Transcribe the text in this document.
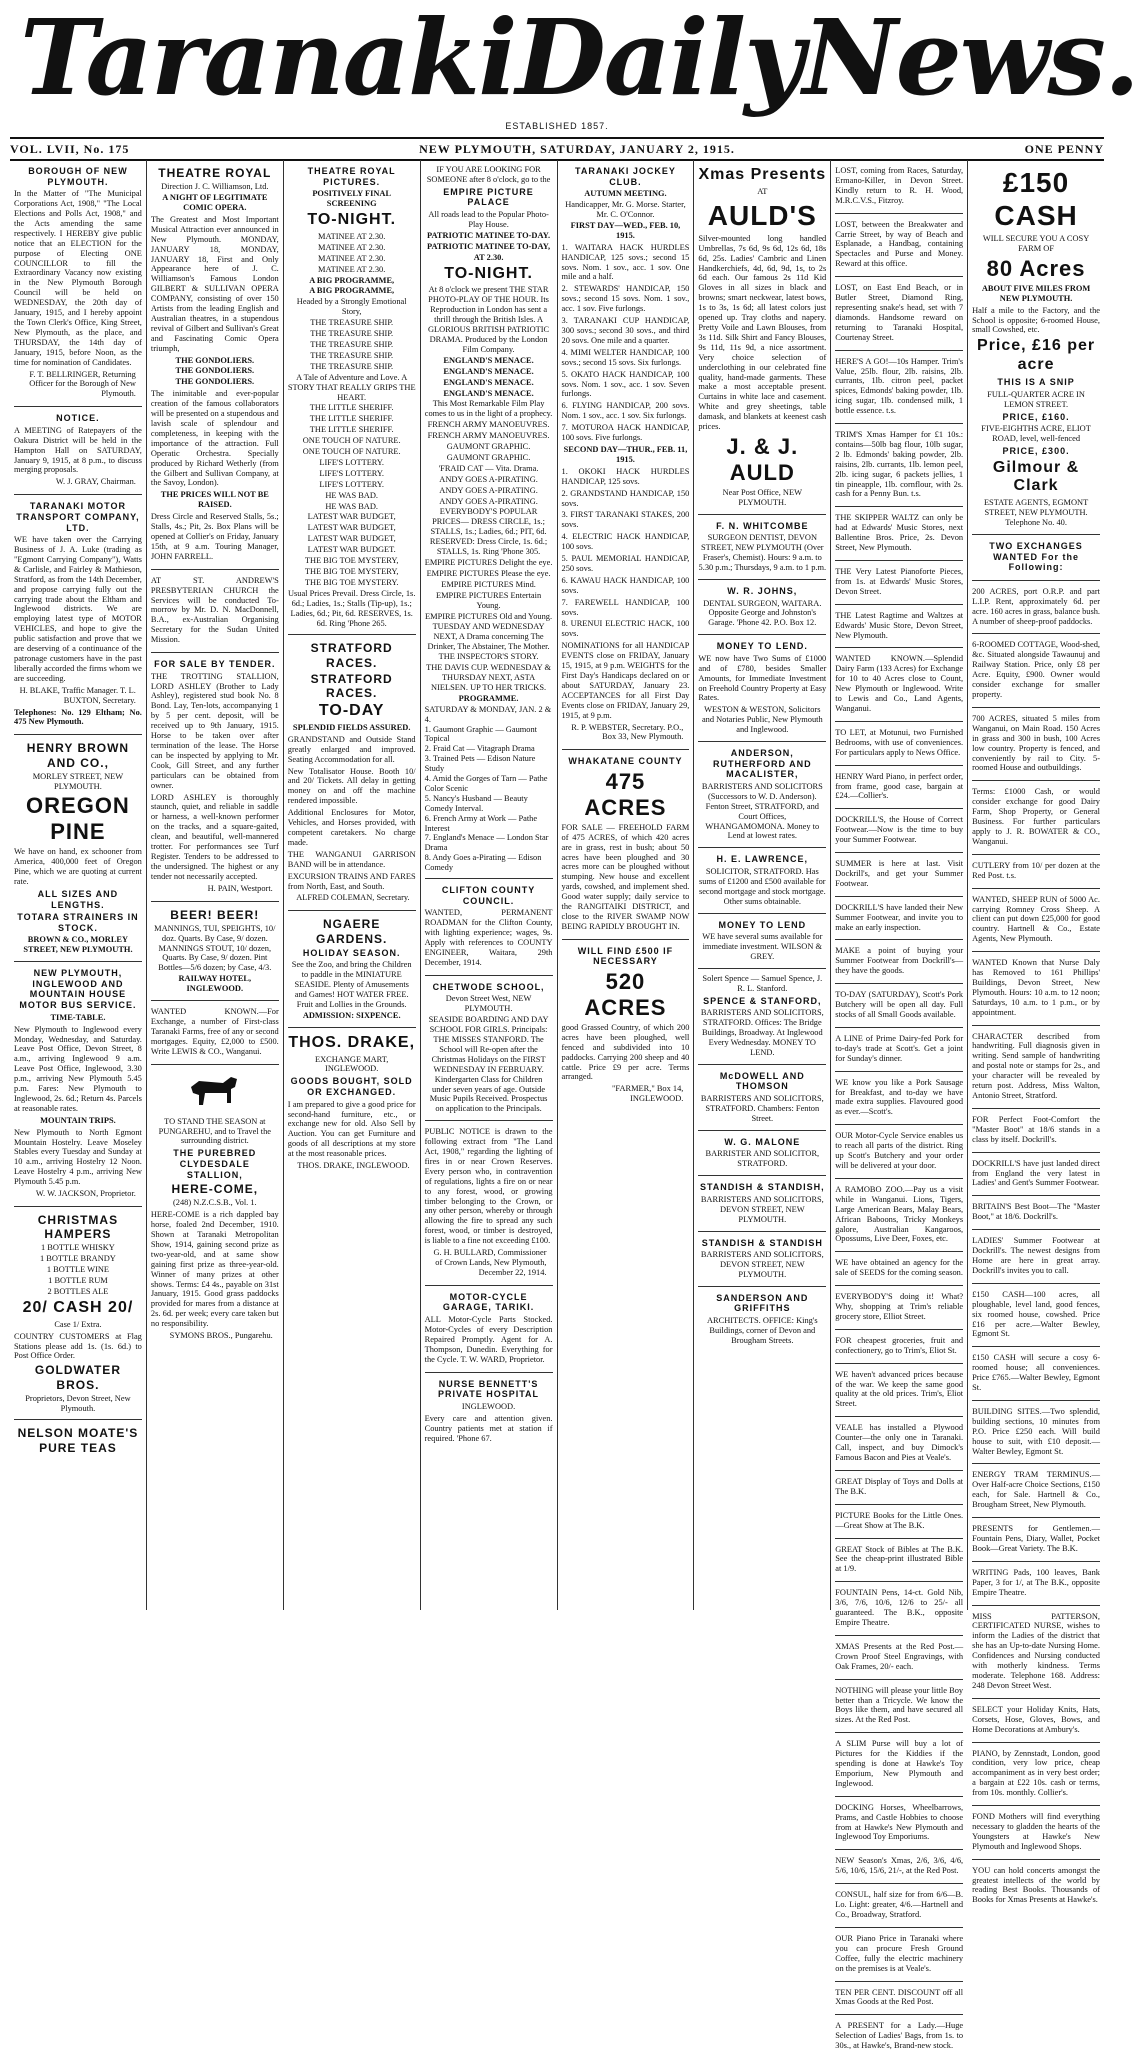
Taranaki Daily News.
ESTABLISHED 1857.
VOL. LVII, No. 175	NEW PLYMOUTH, SATURDAY, JANUARY 2, 1915.	ONE PENNY
BOROUGH OF NEW PLYMOUTH.

In the Matter of "The Municipal Corporations Act, 1908," "The Local Elections and Polls Act, 1908," and the Acts amending the same respectively. I HEREBY give public notice that an ELECTION for the purpose of Electing ONE COUNCILLOR to fill the Extraordinary Vacancy now existing in the New Plymouth Borough Council will be held on WEDNESDAY, the 20th day of January, 1915, and I hereby appoint the Town Clerk's Office, King Street, New Plymouth, as the place, and THURSDAY, the 14th day of January, 1915, before Noon, as the time for nomination of Candidates.

F. T. BELLRINGER, Returning Officer for the Borough of New Plymouth.

NOTICE.

A MEETING of Ratepayers of the Oakura District will be held in the Hampton Hall on SATURDAY, January 9, 1915, at 8 p.m., to discuss merging proposals.

W. J. GRAY, Chairman.

TARANAKI MOTOR TRANSPORT COMPANY, LTD.

WE have taken over the Carrying Business of J. A. Luke (trading as "Egmont Carrying Company"), Watts & Carlisle, and Fairley & Mathieson, Stratford, as from the 14th December, and propose carrying fully out the carrying trade about the Eltham and Inglewood districts. We are employing latest type of MOTOR VEHICLES, and hope to give the public satisfaction and prove that we are deserving of a continuance of the patronage customers have in the past liberally accorded the firms whom we are succeeding.

H. BLAKE, Traffic Manager. T. L. BUXTON, Secretary.

Telephones: No. 129 Eltham; No. 475 New Plymouth.

HENRY BROWN AND CO.,
MORLEY STREET, NEW PLYMOUTH.
OREGON PINE

We have on hand, ex schooner from America, 400,000 feet of Oregon Pine, which we are quoting at current rate.

ALL SIZES AND LENGTHS.
TOTARA STRAINERS IN STOCK.
BROWN & CO., MORLEY STREET, NEW PLYMOUTH.
NEW PLYMOUTH, INGLEWOOD AND MOUNTAIN HOUSE MOTOR BUS SERVICE.
TIME-TABLE.

New Plymouth to Inglewood every Monday, Wednesday, and Saturday. Leave Post Office, Devon Street, 8 a.m., arriving Inglewood 9 a.m. Leave Post Office, Inglewood, 3.30 p.m., arriving New Plymouth 5.45 p.m. Fares: New Plymouth to Inglewood, 2s. 6d.; Return 4s. Parcels at reasonable rates.

MOUNTAIN TRIPS.

New Plymouth to North Egmont Mountain Hostelry. Leave Moseley Stables every Tuesday and Sunday at 10 a.m., arriving Hostelry 12 Noon. Leave Hostelry 4 p.m., arriving New Plymouth 5.45 p.m.

W. W. JACKSON, Proprietor.

CHRISTMAS HAMPERS
1 BOTTLE WHISKY
1 BOTTLE BRANDY
1 BOTTLE WINE
1 BOTTLE RUM
2 BOTTLES ALE
20/ CASH 20/
Case 1/ Extra.

COUNTRY CUSTOMERS at Flag Stations please add 1s. (1s. 6d.) to Post Office Order.

GOLDWATER BROS.
Proprietors, Devon Street, New Plymouth.
NELSON MOATE'S PURE TEAS
THEATRE ROYAL
Direction J. C. Williamson, Ltd.
A NIGHT OF LEGITIMATE COMIC OPERA.

The Greatest and Most Important Musical Attraction ever announced in New Plymouth. MONDAY, JANUARY 18, MONDAY, JANUARY 18, First and Only Appearance here of J. C. Williamson's Famous London GILBERT & SULLIVAN OPERA COMPANY, consisting of over 150 Artists from the leading English and Australian theatres, in a stupendous revival of Gilbert and Sullivan's Great and Fascinating Comic Opera triumph,

THE GONDOLIERS.
THE GONDOLIERS.
THE GONDOLIERS.

The inimitable and ever-popular creation of the famous collaborators will be presented on a stupendous and lavish scale of splendour and completeness, in keeping with the importance of the attraction. Full Operatic Orchestra. Specially produced by Richard Wetherly (from the Gilbert and Sullivan Company, at the Savoy, London).

THE PRICES WILL NOT BE RAISED.

Dress Circle and Reserved Stalls, 5s.; Stalls, 4s.; Pit, 2s. Box Plans will be opened at Collier's on Friday, January 15th, at 9 a.m. Touring Manager, JOHN FARRELL.

AT ST. ANDREW'S PRESBYTERIAN CHURCH the Services will be conducted To-morrow by Mr. D. N. MacDonnell, B.A., ex-Australian Organising Secretary for the Sudan United Mission.

FOR SALE BY TENDER.

THE TROTTING STALLION, LORD ASHLEY (Brother to Lady Ashley), registered stud book No. 8 Bond. Lay, Ten-lots, accompanying 1 by 5 per cent. deposit, will be received up to 9th January, 1915. Horse to be taken over after termination of the lease. The Horse can be inspected by applying to Mr. Cook, Gill Street, and any further particulars can be obtained from owner.

LORD ASHLEY is thoroughly staunch, quiet, and reliable in saddle or harness, a well-known performer on the tracks, and a square-gaited, clean, and beautiful, well-mannered trotter. For performances see Turf Register. Tenders to be addressed to the undersigned. The highest or any tender not necessarily accepted.

H. PAIN, Westport.

BEER! BEER!

MANNINGS, TUI, SPEIGHTS, 10/ doz. Quarts. By Case, 9/ dozen. MANNINGS STOUT, 10/ dozen, Quarts. By Case, 9/ dozen. Pint Bottles—5/6 dozen; by Case, 4/3.

RAILWAY HOTEL, INGLEWOOD.

WANTED KNOWN.—For Exchange, a number of First-class Taranaki Farms, free of any or second mortgages. Equity, £2,000 to £500. Write LEWIS & CO., Wanganui.

TO STAND THE SEASON at PUNGAREHU, and to Travel the surrounding district.

THE PUREBRED CLYDESDALE STALLION,
HERE-COME,
(248) N.Z.C.S.B., Vol. 1.

HERE-COME is a rich dappled bay horse, foaled 2nd December, 1910. Shown at Taranaki Metropolitan Show, 1914, gaining second prize as two-year-old, and at same show gaining first prize as three-year-old. Winner of many prizes at other shows. Terms: £4 4s., payable on 31st January, 1915. Good grass paddocks provided for mares from a distance at 2s. 6d. per week; every care taken but no responsibility.

SYMONS BROS., Pungarehu.

THEATRE ROYAL PICTURES.
POSITIVELY FINAL SCREENING
TO-NIGHT.
MATINEE AT 2.30.
MATINEE AT 2.30.
MATINEE AT 2.30.
MATINEE AT 2.30.
A BIG PROGRAMME,
A BIG PROGRAMME,
Headed by a Strongly Emotional Story,
THE TREASURE SHIP.
THE TREASURE SHIP.
THE TREASURE SHIP.
THE TREASURE SHIP.
THE TREASURE SHIP.

A Tale of Adventure and Love. A STORY THAT REALLY GRIPS THE HEART.

THE LITTLE SHERIFF.
THE LITTLE SHERIFF.
THE LITTLE SHERIFF.
ONE TOUCH OF NATURE.
ONE TOUCH OF NATURE.
LIFE'S LOTTERY.
LIFE'S LOTTERY.
LIFE'S LOTTERY.
HE WAS BAD.
HE WAS BAD.
LATEST WAR BUDGET,
LATEST WAR BUDGET,
LATEST WAR BUDGET,
LATEST WAR BUDGET.
THE BIG TOE MYSTERY,
THE BIG TOE MYSTERY,
THE BIG TOE MYSTERY.

Usual Prices Prevail. Dress Circle, 1s. 6d.; Ladies, 1s.; Stalls (Tip-up), 1s.; Ladies, 6d.; Pit, 6d. RESERVES, 1s. 6d. Ring 'Phone 265.

STRATFORD RACES.
STRATFORD RACES.
TO-DAY
SPLENDID FIELDS ASSURED.

GRANDSTAND and Outside Stand greatly enlarged and improved. Seating Accommodation for all.

New Totalisator House. Booth 10/ and 20/ Tickets. All delay in getting money on and off the machine rendered impossible.

Additional Enclosures for Motor, Vehicles, and Horses provided, with competent caretakers. No charge made.

THE WANGANUI GARRISON BAND will be in attendance.

EXCURSION TRAINS AND FARES from North, East, and South.

ALFRED COLEMAN, Secretary.

NGAERE GARDENS.
HOLIDAY SEASON.

See the Zoo, and bring the Children to paddle in the MINIATURE SEASIDE. Plenty of Amusements and Games! HOT WATER FREE. Fruit and Lollies in the Grounds.

ADMISSION: SIXPENCE.
THOS. DRAKE,
EXCHANGE MART, INGLEWOOD.
GOODS BOUGHT, SOLD OR EXCHANGED.

I am prepared to give a good price for second-hand furniture, etc., or exchange new for old. Also Sell by Auction. You can get Furniture and goods of all descriptions at my store at the most reasonable prices.

THOS. DRAKE, INGLEWOOD.

IF YOU ARE LOOKING FOR SOMEONE after 8 o'clock, go to the
EMPIRE PICTURE PALACE
All roads lead to the Popular Photo-Play House.
PATRIOTIC MATINEE TO-DAY.
PATRIOTIC MATINEE TO-DAY,
AT 2.30.
TO-NIGHT.

At 8 o'clock we present THE STAR PHOTO-PLAY OF THE HOUR. Its Reproduction in London has sent a thrill through the British Isles. A GLORIOUS BRITISH PATRIOTIC DRAMA. Produced by the London Film Company.

ENGLAND'S MENACE.
ENGLAND'S MENACE.
ENGLAND'S MENACE.
ENGLAND'S MENACE.

This Most Remarkable Film Play comes to us in the light of a prophecy.

FRENCH ARMY MANOEUVRES.
FRENCH ARMY MANOEUVRES.
GAUMONT GRAPHIC.
GAUMONT GRAPHIC.
'FRAID CAT — Vita. Drama.
ANDY GOES A-PIRATING.
ANDY GOES A-PIRATING.
ANDY GOES A-PIRATING.

EVERYBODY'S POPULAR PRICES— DRESS CIRCLE, 1s.; STALLS, 1s.; Ladies, 6d.; PIT, 6d. RESERVED: Dress Circle, 1s. 6d.; STALLS, 1s. Ring 'Phone 305.

EMPIRE PICTURES Delight the eye.
EMPIRE PICTURES Please the eye.
EMPIRE PICTURES Mind.
EMPIRE PICTURES Entertain Young.
EMPIRE PICTURES Old and Young.

TUESDAY AND WEDNESDAY NEXT, A Drama concerning The Drinker, The Abstainer, The Mother. THE INSPECTOR'S STORY.

THE DAVIS CUP. WEDNESDAY & THURSDAY NEXT, ASTA NIELSEN. UP TO HER TRICKS.

PROGRAMME.
SATURDAY & MONDAY, JAN. 2 & 4.
1. Gaumont Graphic — Gaumont Topical
2. Fraid Cat — Vitagraph Drama
3. Trained Pets — Edison Nature Study
4. Amid the Gorges of Tarn — Pathe Color Scenic
5. Nancy's Husband — Beauty Comedy Interval.
6. French Army at Work — Pathe Interest
7. England's Menace — London Star Drama
8. Andy Goes a-Pirating — Edison Comedy
CLIFTON COUNTY COUNCIL.

WANTED, PERMANENT ROADMAN for the Clifton County, with lighting experience; wages, 9s. Apply with references to COUNTY ENGINEER, Waitara, 29th December, 1914.

CHETWODE SCHOOL,
Devon Street West, NEW PLYMOUTH.

SEASIDE BOARDING AND DAY SCHOOL FOR GIRLS. Principals: THE MISSES STANFORD. The School will Re-open after the Christmas Holidays on the FIRST WEDNESDAY IN FEBRUARY. Kindergarten Class for Children under seven years of age. Outside Music Pupils Received. Prospectus on application to the Principals.

PUBLIC NOTICE is drawn to the following extract from "The Land Act, 1908," regarding the lighting of fires in or near Crown Reserves. Every person who, in contravention of regulations, lights a fire on or near to any forest, wood, or growing timber belonging to the Crown, or any other person, whereby or through allowing the fire to spread any such forest, wood, or timber is destroyed, is liable to a fine not exceeding £100.

G. H. BULLARD, Commissioner of Crown Lands, New Plymouth, December 22, 1914.

MOTOR-CYCLE GARAGE, TARIKI.

ALL Motor-Cycle Parts Stocked. Motor-Cycles of every Description Repaired Promptly. Agent for A. Thompson, Dunedin. Everything for the Cycle. T. W. WARD, Proprietor.

NURSE BENNETT'S PRIVATE HOSPITAL
INGLEWOOD.

Every care and attention given. Country patients met at station if required. 'Phone 67.

TARANAKI JOCKEY CLUB.
AUTUMN MEETING.
Handicapper, Mr. G. Morse. Starter, Mr. C. O'Connor.
FIRST DAY—WED., FEB. 10, 1915.

1. WAITARA HACK HURDLES HANDICAP, 125 sovs.; second 15 sovs. Nom. 1 sov., acc. 1 sov. One mile and a half.

2. STEWARDS' HANDICAP, 150 sovs.; second 15 sovs. Nom. 1 sov., acc. 1 sov. Five furlongs.

3. TARANAKI CUP HANDICAP, 300 sovs.; second 30 sovs., and third 20 sovs. One mile and a quarter.

4. MIMI WELTER HANDICAP, 100 sovs.; second 15 sovs. Six furlongs.

5. OKATO HACK HANDICAP, 100 sovs. Nom. 1 sov., acc. 1 sov. Seven furlongs.

6. FLYING HANDICAP, 200 sovs. Nom. 1 sov., acc. 1 sov. Six furlongs.

7. MOTUROA HACK HANDICAP, 100 sovs. Five furlongs.

SECOND DAY—THUR., FEB. 11, 1915.

1. OKOKI HACK HURDLES HANDICAP, 125 sovs.

2. GRANDSTAND HANDICAP, 150 sovs.

3. FIRST TARANAKI STAKES, 200 sovs.

4. ELECTRIC HACK HANDICAP, 100 sovs.

5. PAUL MEMORIAL HANDICAP, 250 sovs.

6. KAWAU HACK HANDICAP, 100 sovs.

7. FAREWELL HANDICAP, 100 sovs.

8. URENUI ELECTRIC HACK, 100 sovs.

NOMINATIONS for all HANDICAP EVENTS close on FRIDAY, January 15, 1915, at 9 p.m. WEIGHTS for the First Day's Handicaps declared on or about SATURDAY, January 23. ACCEPTANCES for all First Day Events close on FRIDAY, January 29, 1915, at 9 p.m.

R. P. WEBSTER, Secretary. P.O., Box 33, New Plymouth.

WHAKATANE COUNTY
475 ACRES

FOR SALE — FREEHOLD FARM of 475 ACRES, of which 420 acres are in grass, rest in bush; about 50 acres have been ploughed and 30 acres more can be ploughed without stumping. New house and excellent yards, cowshed, and implement shed. Good water supply; daily service to the RANGITAIKI DISTRICT, and close to the RIVER SWAMP NOW BEING RAPIDLY BROUGHT IN.

WILL FIND £500 IF NECESSARY
520 ACRES

good Grassed Country, of which 200 acres have been ploughed, well fenced and subdivided into 10 paddocks. Carrying 200 sheep and 40 cattle. Price £9 per acre. Terms arranged.

"FARMER," Box 14, INGLEWOOD.

Xmas Presents
AT
AULD'S

Silver-mounted long handled Umbrellas, 7s 6d, 9s 6d, 12s 6d, 18s 6d, 25s. Ladies' Cambric and Linen Handkerchiefs, 4d, 6d, 9d, 1s, to 2s 6d each. Our famous 2s 11d Kid Gloves in all sizes in black and browns; smart neckwear, latest bows, 1s to 3s, 1s 6d; all latest colors just opened up. Tray cloths and napery. Pretty Voile and Lawn Blouses, from 3s 11d. Silk Shirt and Fancy Blouses, 9s 11d, 11s 9d, a nice assortment. Very choice selection of underclothing in our celebrated fine quality, hand-made garments. These make a most acceptable present. Curtains in white lace and casement. White and grey sheetings, table damask, and blankets at keenest cash prices.

J. & J. AULD
Near Post Office, NEW PLYMOUTH.
F. N. WHITCOMBE

SURGEON DENTIST, DEVON STREET, NEW PLYMOUTH (Over Fraser's, Chemist). Hours: 9 a.m. to 5.30 p.m.; Thursdays, 9 a.m. to 1 p.m.

W. R. JOHNS,

DENTAL SURGEON, WAITARA. Opposite George and Johnston's Garage. 'Phone 42. P.O. Box 12.

MONEY TO LEND.

WE now have Two Sums of £1000 and of £780, besides Smaller Amounts, for Immediate Investment on Freehold Country Property at Easy Rates.

WESTON & WESTON, Solicitors and Notaries Public, New Plymouth and Inglewood.

ANDERSON, RUTHERFORD AND MACALISTER,

BARRISTERS AND SOLICITORS (Successors to W. D. Anderson). Fenton Street, STRATFORD, and Court Offices, WHANGAMOMONA. Money to Lend at lowest rates.

H. E. LAWRENCE,

SOLICITOR, STRATFORD. Has sums of £1200 and £500 available for second mortgage and stock mortgage. Other sums obtainable.

MONEY TO LEND

WE have several sums available for immediate investment. WILSON & GREY.

Solert Spence — Samuel Spence, J. R. L. Stanford.
SPENCE & STANFORD,

BARRISTERS AND SOLICITORS, STRATFORD. Offices: The Bridge Buildings, Broadway. At Inglewood Every Wednesday. MONEY TO LEND.

McDOWELL AND THOMSON

BARRISTERS AND SOLICITORS, STRATFORD. Chambers: Fenton Street.

W. G. MALONE

BARRISTER AND SOLICITOR, STRATFORD.

STANDISH & STANDISH,

BARRISTERS AND SOLICITORS, DEVON STREET, NEW PLYMOUTH.

STANDISH & STANDISH

BARRISTERS AND SOLICITORS, DEVON STREET, NEW PLYMOUTH.

SANDERSON AND GRIFFITHS

ARCHITECTS. OFFICE: King's Buildings, corner of Devon and Brougham Streets.

LOST, coming from Races, Saturday, Ermano-Killer, in Devon Street. Kindly return to R. H. Wood, M.R.C.V.S., Fitzroy.

LOST, between the Breakwater and Carrie Street, by way of Beach and Esplanade, a Handbag, containing Spectacles and Purse and Money. Reward at this office.

LOST, on East End Beach, or in Butler Street, Diamond Ring, representing snake's head, set with 7 diamonds. Handsome reward on returning to Taranaki Hospital, Courtenay Street.

HERE'S A GO!—10s Hamper. Trim's Value, 25lb. flour, 2lb. raisins, 2lb. currants, 1lb. citron peel, packet spices, Edmonds' baking powder, 1lb. icing sugar, 1lb. condensed milk, 1 bottle essence. t.s.

TRIM'S Xmas Hamper for £1 10s.: contains—50lb bag flour, 10lb sugar, 2 lb. Edmonds' baking powder, 2lb. raisins, 2lb. currants, 1lb. lemon peel, 2lb. icing sugar, 6 packets jellies, 1 tin pineapple, 1lb. cornflour, with 2s. cash for a Penny Bun. t.s.

THE SKIPPER WALTZ can only be had at Edwards' Music Stores, next Ballentine Bros. Price, 2s. Devon Street, New Plymouth.

THE Very Latest Pianoforte Pieces, from 1s. at Edwards' Music Stores, Devon Street.

THE Latest Ragtime and Waltzes at Edwards' Music Store, Devon Street, New Plymouth.

WANTED KNOWN.—Splendid Dairy Farm (133 Acres) for Exchange for 10 to 40 Acres close to Count, New Plymouth or Inglewood. Write to Lewis and Co., Land Agents, Wanganui.

TO LET, at Motunui, two Furnished Bedrooms, with use of conveniences. For particulars apply to News Office.

HENRY Ward Piano, in perfect order, from frame, good case, bargain at £24.—Collier's.

DOCKRILL'S, the House of Correct Footwear.—Now is the time to buy your Summer Footwear.

SUMMER is here at last. Visit Dockrill's, and get your Summer Footwear.

DOCKRILL'S have landed their New Summer Footwear, and invite you to make an early inspection.

MAKE a point of buying your Summer Footwear from Dockrill's—they have the goods.

TO-DAY (SATURDAY), Scott's Pork Butchery will be open all day. Full stocks of all Small Goods available.

A LINE of Prime Dairy-fed Pork for to-day's trade at Scott's. Get a joint for Sunday's dinner.

WE know you like a Pork Sausage for Breakfast, and to-day we have made extra supplies. Flavoured good as ever.—Scott's.

OUR Motor-Cycle Service enables us to reach all parts of the district. Ring up Scott's Butchery and your order will be delivered at your door.

A RAMOBO ZOO.—Pay us a visit while in Wanganui. Lions, Tigers, Large American Bears, Malay Bears, African Baboons, Tricky Monkeys galore, Australian Kangaroos, Opossums, Live Deer, Foxes, etc.

WE have obtained an agency for the sale of SEEDS for the coming season.

EVERYBODY'S doing it! What? Why, shopping at Trim's reliable grocery store, Elliot Street.

FOR cheapest groceries, fruit and confectionery, go to Trim's, Eliot St.

WE haven't advanced prices because of the war. We keep the same good quality at the old prices. Trim's, Eliot Street.

VEALE has installed a Plywood Counter—the only one in Taranaki. Call, inspect, and buy Dimock's Famous Bacon and Pies at Veale's.

GREAT Display of Toys and Dolls at The B.K.

PICTURE Books for the Little Ones.—Great Show at The B.K.

GREAT Stock of Bibles at The B.K. See the cheap-print illustrated Bible at 1/9.

FOUNTAIN Pens, 14-ct. Gold Nib, 3/6, 7/6, 10/6, 12/6 to 25/- all guaranteed. The B.K., opposite Empire Theatre.

XMAS Presents at the Red Post.—Crown Proof Steel Engravings, with Oak Frames, 20/- each.

NOTHING will please your little Boy better than a Tricycle. We know the Boys like them, and have secured all sizes. At the Red Post.

A SLIM Purse will buy a lot of Pictures for the Kiddies if the spending is done at Hawke's Toy Emporium, New Plymouth and Inglewood.

DOCKING Horses, Wheelbarrows, Prams, and Castle Hobbies to choose from at Hawke's New Plymouth and Inglewood Toy Emporiums.

NEW Season's Xmas, 2/6, 3/6, 4/6, 5/6, 10/6, 15/6, 21/-, at the Red Post.

CONSUL, half size for from 6/6—B. Lo. Light: greater, 4/6.—Hartnell and Co., Broadway, Stratford.

OUR Piano Price in Taranaki where you can procure Fresh Ground Coffee, fully the electric machinery on the premises is at Veale's.

TEN PER CENT. DISCOUNT off all Xmas Goods at the Red Post.

A PRESENT for a Lady.—Huge Selection of Ladies' Bags, from 1s. to 30s., at Hawke's, Brand-new stock.

£150 CASH
WILL SECURE YOU A COSY FARM OF
80 Acres
ABOUT FIVE MILES FROM NEW PLYMOUTH.

Half a mile to the Factory, and the School is opposite; 6-roomed House, small Cowshed, etc.

Price, £16 per acre
THIS IS A SNIP
FULL-QUARTER ACRE IN LEMON STREET.
PRICE, £160.
FIVE-EIGHTHS ACRE, ELIOT ROAD, level, well-fenced
PRICE, £300.
Gilmour & Clark

ESTATE AGENTS, EGMONT STREET, NEW PLYMOUTH. Telephone No. 40.

TWO EXCHANGES WANTED For the Following:

200 ACRES, port O.R.P. and part L.I.P. Rent, approximately 6d. per acre. 160 acres in grass, balance bush. A number of sheep-proof paddocks.

6-ROOMED COTTAGE, Wood-shed, &c. Situated alongside Tawaunuj and Railway Station. Price, only £8 per Acre. Equity, £900. Owner would consider exchange for smaller property.

700 ACRES, situated 5 miles from Wanganui, on Main Road. 150 Acres in grass and 300 in bush, 100 Acres low country. Property is fenced, and conveniently by rail to City. 5-roomed House and outbuildings.

Terms: £1000 Cash, or would consider exchange for good Dairy Farm, Shop Property, or General Business. For further particulars apply to J. R. BOWATER & CO., Wanganui.

CUTLERY from 10/ per dozen at the Red Post. t.s.

WANTED, SHEEP RUN of 5000 Ac. carrying Romney Cross Sheep. A client can put down £25,000 for good country. Hartnell & Co., Estate Agents, New Plymouth.

WANTED Known that Nurse Daly has Removed to 161 Phillips' Buildings, Devon Street, New Plymouth. Hours: 10 a.m. to 12 noon; Saturdays, 10 a.m. to 1 p.m., or by appointment.

CHARACTER described from handwriting. Full diagnosis given in writing. Send sample of handwriting and postal note or stamps for 2s., and your character will be revealed by return post. Address, Miss Walton, Antonio Street, Stratford.

FOR Perfect Foot-Comfort the "Master Boot" at 18/6 stands in a class by itself. Dockrill's.

DOCKRILL'S have just landed direct from England the very latest in Ladies' and Gent's Summer Footwear.

BRITAIN'S Best Boot—The "Master Boot," at 18/6. Dockrill's.

LADIES' Summer Footwear at Dockrill's. The newest designs from Home are here in great array. Dockrill's invites you to call.

£150 CASH—100 acres, all ploughable, level land, good fences, six roomed house, cowshed. Price £16 per acre.—Walter Bewley, Egmont St.

£150 CASH will secure a cosy 6-roomed house; all conveniences. Price £765.—Walter Bewley, Egmont St.

BUILDING SITES.—Two splendid, building sections, 10 minutes from P.O. Price £250 each. Will build house to suit, with £10 deposit.—Walter Bewley, Egmont St.

ENERGY TRAM TERMINUS.—Over Half-acre Choice Sections, £150 each, for Sale. Hartnell & Co., Brougham Street, New Plymouth.

PRESENTS for Gentlemen.—Fountain Pens, Diary, Wallet, Pocket Book—Great Variety. The B.K.

WRITING Pads, 100 leaves, Bank Paper, 3 for 1/, at The B.K., opposite Empire Theatre.

MISS PATTERSON, CERTIFICATED NURSE, wishes to inform the Ladies of the district that she has an Up-to-date Nursing Home. Confidences and Nursing conducted with motherly kindness. Terms moderate. Telephone 168. Address: 248 Devon Street West.

SELECT your Holiday Knits, Hats, Corsets, Hose, Gloves, Bows, and Home Decorations at Ambury's.

PIANO, by Zennstadt, London, good condition, very low price, cheap accompaniment as in very best order; a bargain at £22 10s. cash or terms, from 10s. monthly. Collier's.

FOND Mothers will find everything necessary to gladden the hearts of the Youngsters at Hawke's New Plymouth and Inglewood Shops.

YOU can hold concerts amongst the greatest intellects of the world by reading Best Books. Thousands of Books for Xmas Presents at Hawke's.
